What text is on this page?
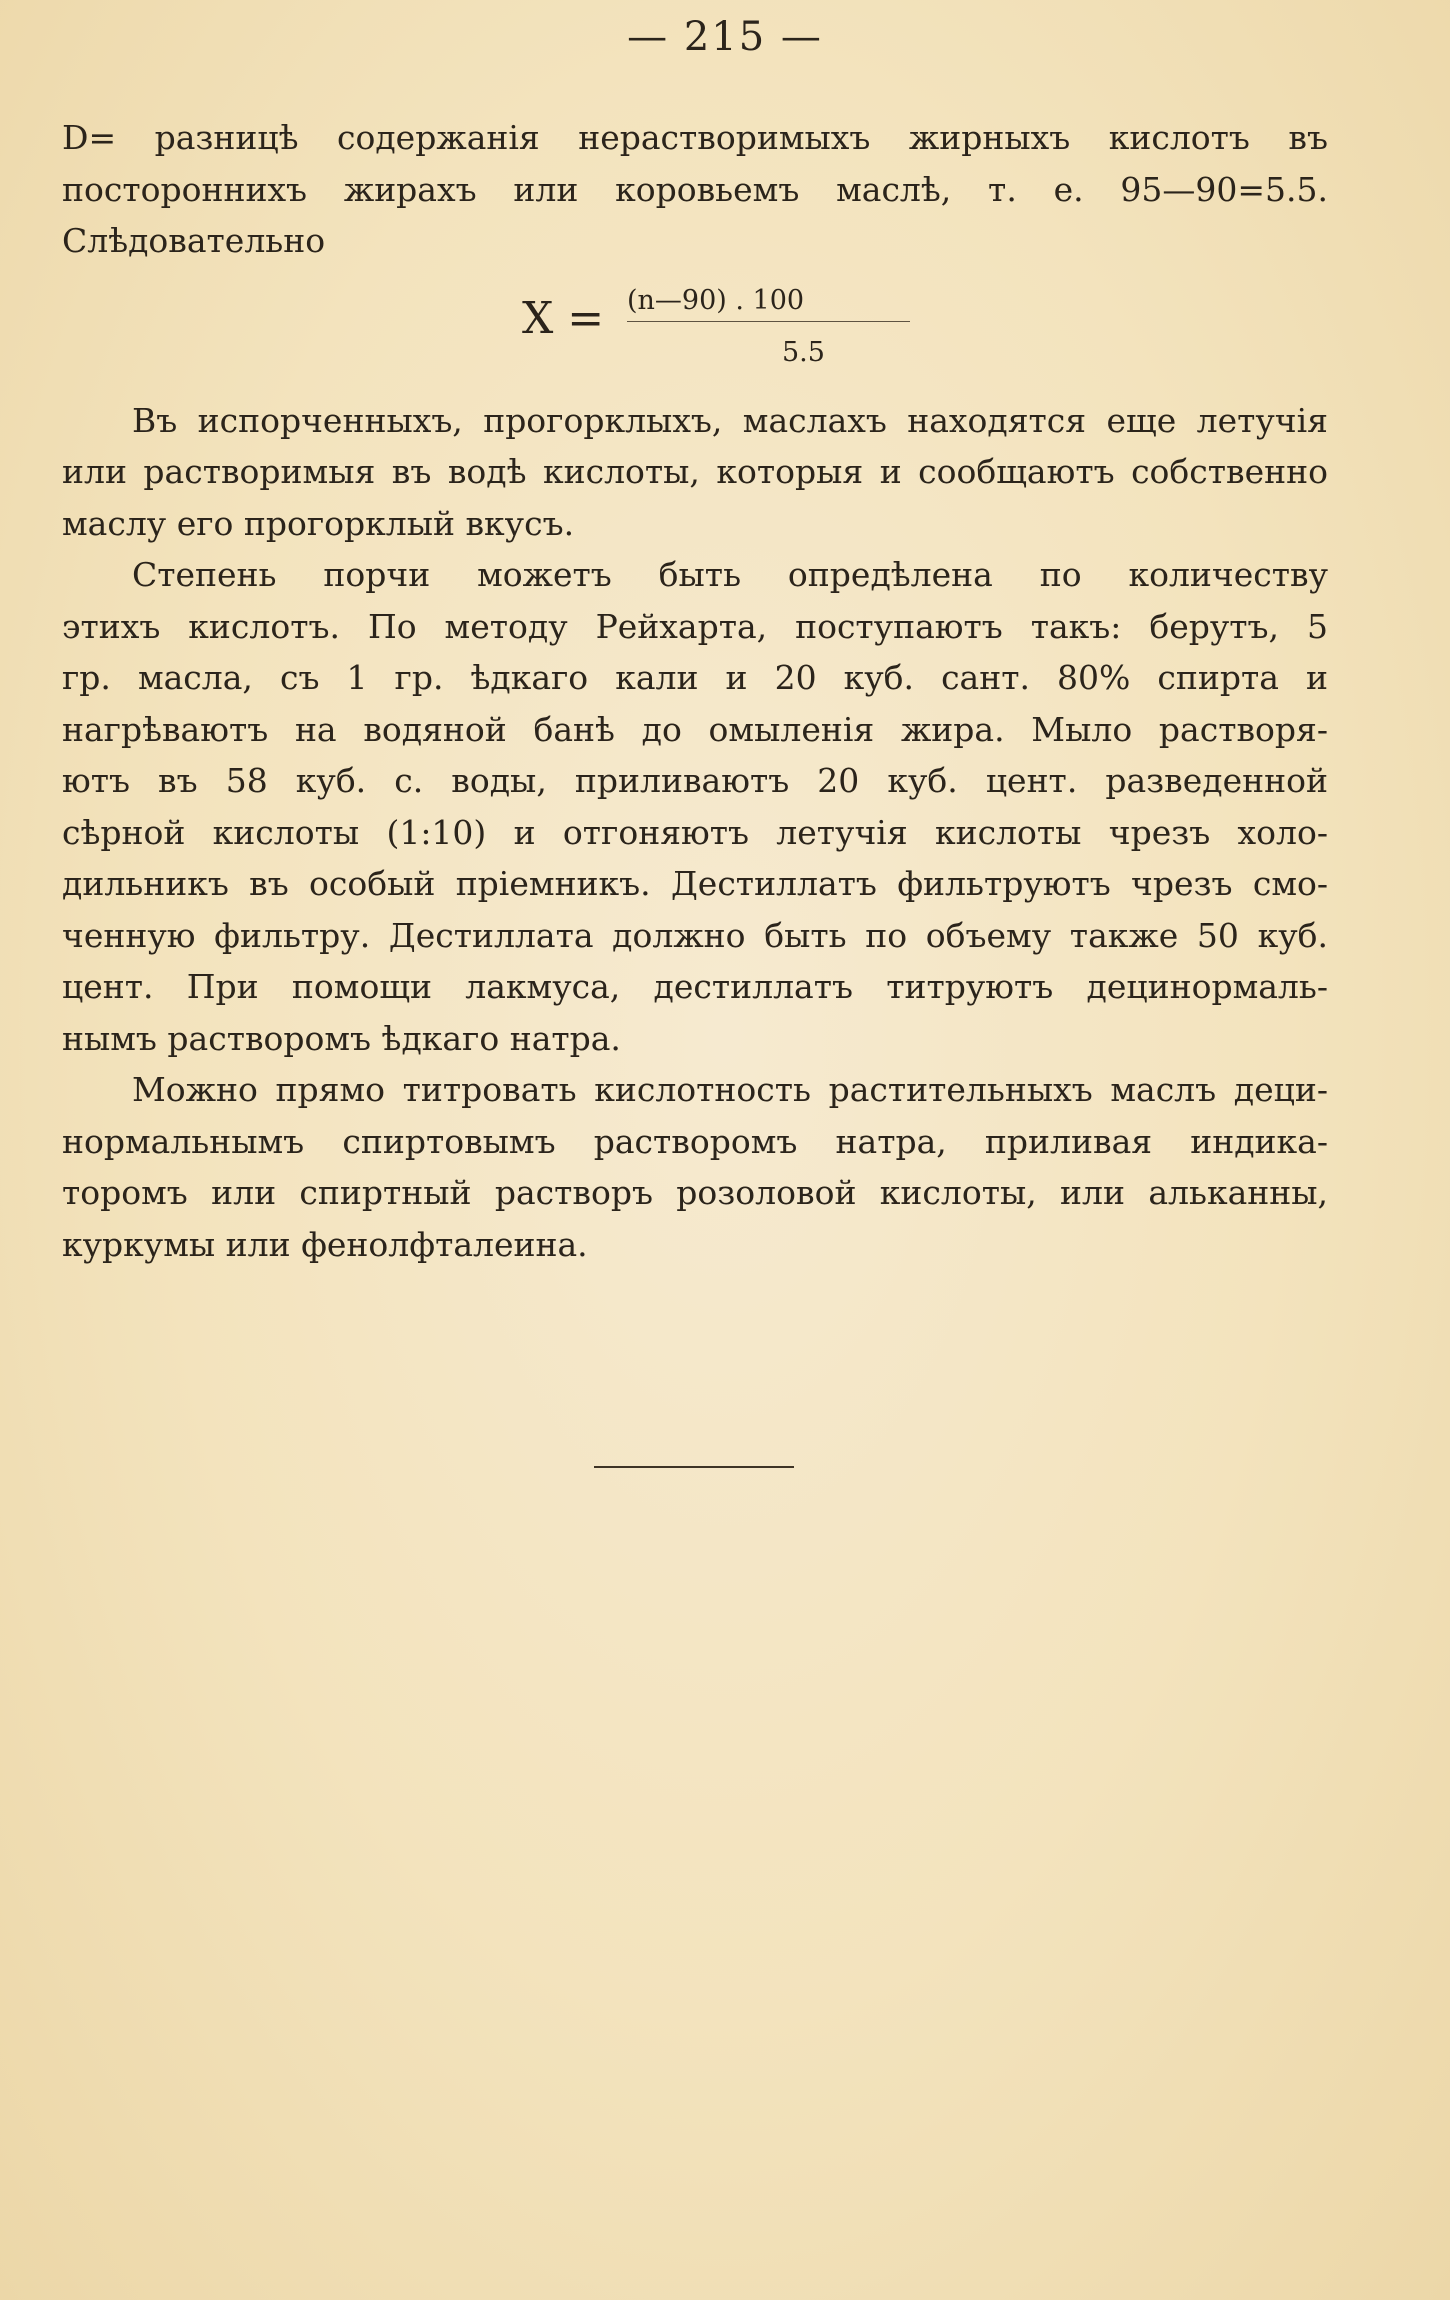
— 215 —
D= разницѣ содержанія нерастворимыхъ жирныхъ кислотъ въ
постороннихъ жирахъ или коровьемъ маслѣ, т. е. 95—90=5.5.
Слѣдовательно
X = (n—90) . 100
5.5
Въ испорченныхъ, прогорклыхъ, маслахъ находятся еще летучія
или растворимыя въ водѣ кислоты, которыя и сообщаютъ собственно
маслу его прогорклый вкусъ.
Степень порчи можетъ быть опредѣлена по количеству
этихъ кислотъ. По методу Рейхарта, поступаютъ такъ: берутъ, 5
гр. масла, съ 1 гр. ѣдкаго кали и 20 куб. сант. 80% спирта и
нагрѣваютъ на водяной банѣ до омыленія жира. Мыло растворя-
ютъ въ 58 куб. с. воды, приливаютъ 20 куб. цент. разведенной
сѣрной кислоты (1:10) и отгоняютъ летучія кислоты чрезъ холо-
дильникъ въ особый пріемникъ. Дестиллатъ фильтруютъ чрезъ смо-
ченную фильтру. Дестиллата должно быть по объему также 50 куб.
цент. При помощи лакмуса, дестиллатъ титруютъ децинормаль-
нымъ растворомъ ѣдкаго натра.
Можно прямо титровать кислотность растительныхъ маслъ деци-
нормальнымъ спиртовымъ растворомъ натра, приливая индика-
торомъ или спиртный растворъ розоловой кислоты, или альканны,
куркумы или фенолфталеина.
